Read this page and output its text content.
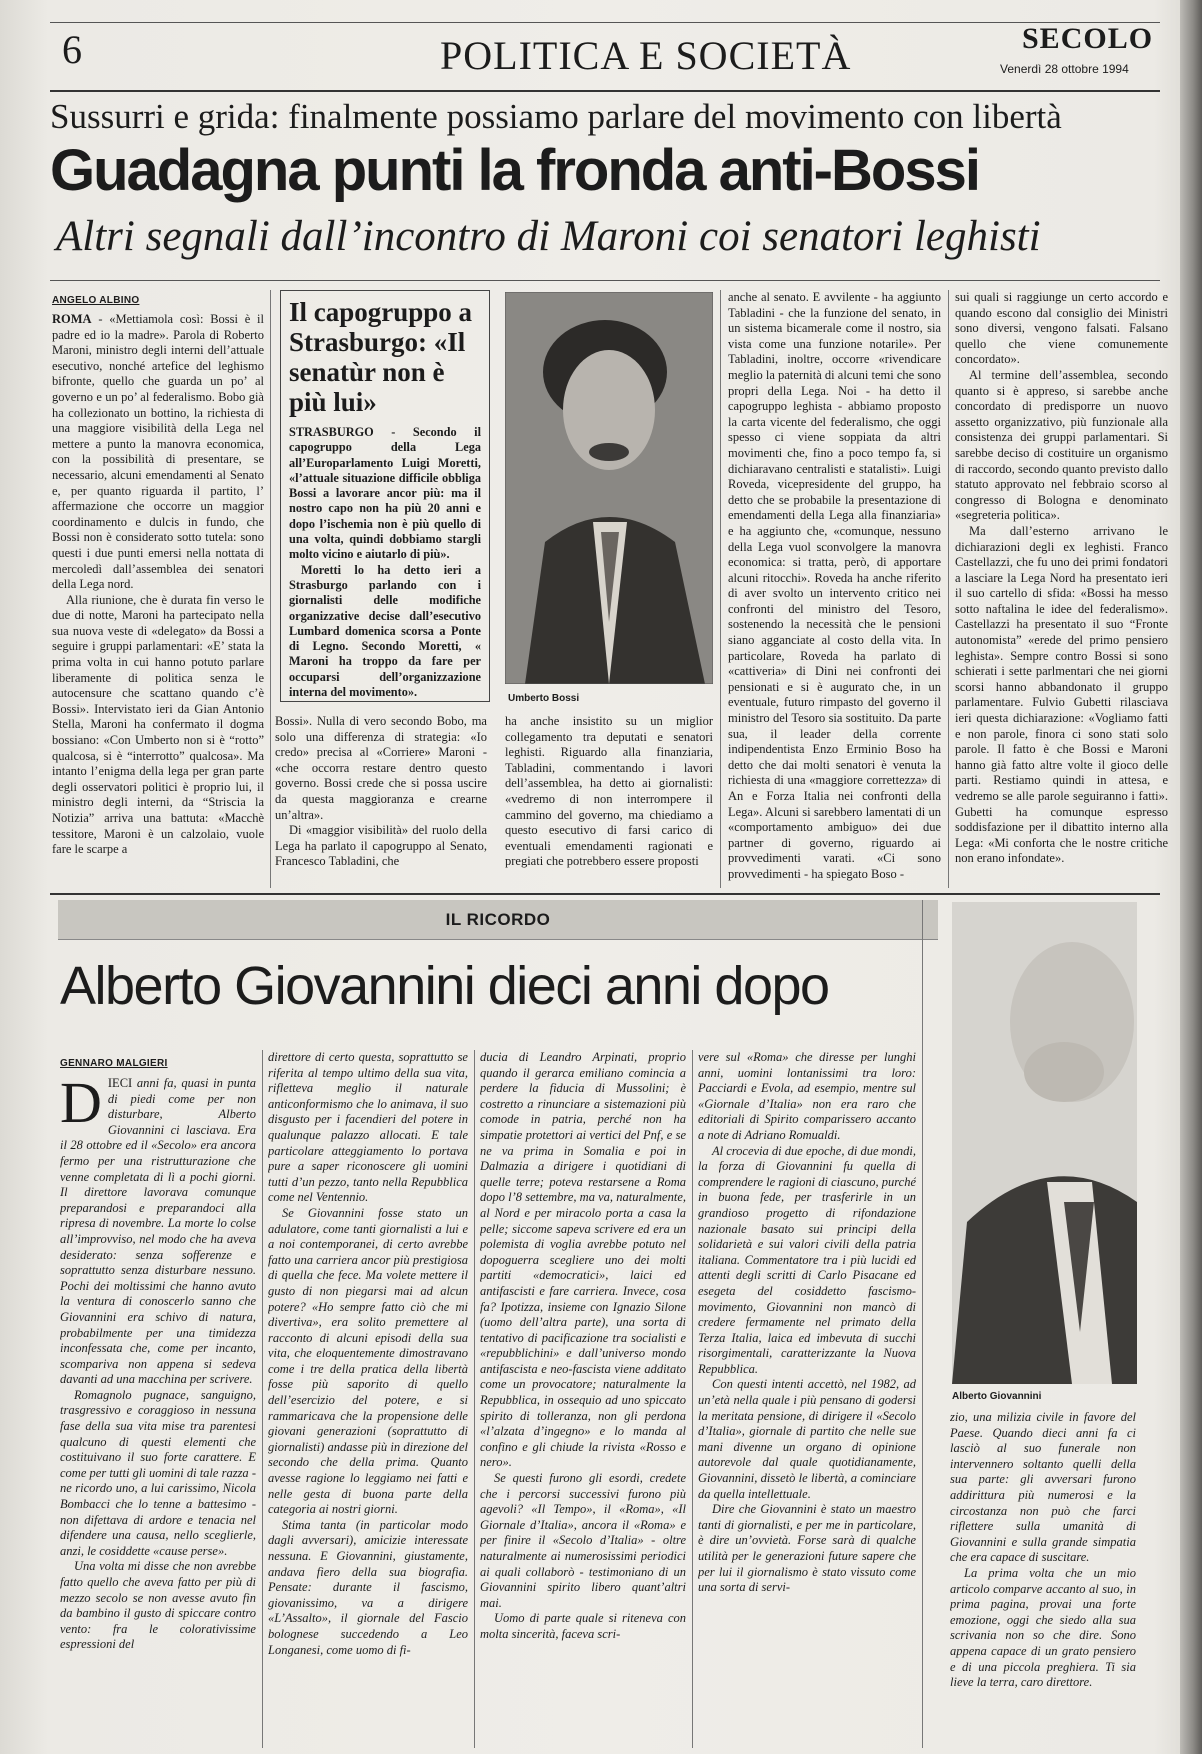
6	POLITICA E SOCIETÀ	SECOLO
Venerdì 28 ottobre 1994
Sussurri e grida: finalmente possiamo parlare del movimento con libertà
Guadagna punti la fronda anti-Bossi
Altri segnali dall’incontro di Maroni coi senatori leghisti
ANGELO ALBINO

ROMA - «Mettiamola così: Bossi è il padre ed io la madre». Parola di Roberto Maroni, ministro degli interni dell’attuale esecutivo, nonché artefice del leghismo bifronte, quello che guarda un po’ al governo e un po’ al federalismo. Bobo già ha collezionato un bottino, la richiesta di una maggiore visibilità della Lega nel mettere a punto la manovra economica, con la possibilità di presentare, se necessario, alcuni emendamenti al Senato e, per quanto riguarda il partito, l’ affermazione che occorre un maggior coordinamento e dulcis in fundo, che Bossi non è considerato sotto tutela: sono questi i due punti emersi nella nottata di mercoledì dall’assemblea dei senatori della Lega nord.

Alla riunione, che è durata fin verso le due di notte, Maroni ha partecipato nella sua nuova veste di «delegato» da Bossi a seguire i gruppi parlamentari: «E’ stata la prima volta in cui hanno potuto parlare liberamente di politica senza le autocensure che scattano quando c’è Bossi». Intervistato ieri da Gian Antonio Stella, Maroni ha confermato il dogma bossiano: «Con Umberto non si è “rotto” qualcosa, si è “interrotto” qualcosa». Ma intanto l’enigma della lega per gran parte degli osservatori politici è proprio lui, il ministro degli interni, da “Striscia la Notizia” arriva una battuta: «Macchè tessitore, Maroni è un calzolaio, vuole fare le scarpe a

Il capogruppo a Strasburgo: «Il senatùr non è più lui»

STRASBURGO - Secondo il capogruppo della Lega all’Europarlamento Luigi Moretti, «l’attuale situazione difficile obbliga Bossi a lavorare ancor più: ma il nostro capo non ha più 20 anni e dopo l’ischemia non è più quello di una volta, quindi dobbiamo stargli molto vicino e aiutarlo di più».

Moretti lo ha detto ieri a Strasburgo parlando con i giornalisti delle modifiche organizzative decise dall’esecutivo Lumbard domenica scorsa a Ponte di Legno. Secondo Moretti, « Maroni ha troppo da fare per occuparsi dell’organizzazione interna del movimento».

Bossi». Nulla di vero secondo Bobo, ma solo una differenza di strategia: «Io credo» precisa al «Corriere» Maroni - «che occorra restare dentro questo governo. Bossi crede che si possa uscire da questa maggioranza e crearne un’altra».

Di «maggior visibilità» del ruolo della Lega ha parlato il capogruppo al Senato, Francesco Tabladini, che

Umberto Bossi

ha anche insistito su un miglior collegamento tra deputati e senatori leghisti. Riguardo alla finanziaria, Tabladini, commentando i lavori dell’assemblea, ha detto ai giornalisti: «vedremo di non interrompere il cammino del governo, ma chiediamo a questo esecutivo di farsi carico di eventuali emendamenti ragionati e pregiati che potrebbero essere proposti

anche al senato. E avvilente - ha aggiunto Tabladini - che la funzione del senato, in un sistema bicamerale come il nostro, sia vista come una funzione notarile». Per Tabladini, inoltre, occorre «rivendicare meglio la paternità di alcuni temi che sono propri della Lega. Noi - ha detto il capogruppo leghista - abbiamo proposto la carta vicente del federalismo, che oggi spesso ci viene soppiata da altri movimenti che, fino a poco tempo fa, si dichiaravano centralisti e statalisti». Luigi Roveda, vicepresidente del gruppo, ha detto che se probabile la presentazione di emendamenti della Lega alla finanziaria» e ha aggiunto che, «comunque, nessuno della Lega vuol sconvolgere la manovra economica: si tratta, però, di apportare alcuni ritocchi». Roveda ha anche riferito di aver svolto un intervento critico nei confronti del ministro del Tesoro, sostenendo la necessità che le pensioni siano agganciate al costo della vita. In particolare, Roveda ha parlato di «cattiveria» di Dini nei confronti dei pensionati e si è augurato che, in un eventuale, futuro rimpasto del governo il ministro del Tesoro sia sostituito. Da parte sua, il leader della corrente indipendentista Enzo Erminio Boso ha detto che dai molti senatori è venuta la richiesta di una «maggiore correttezza» di An e Forza Italia nei confronti della Lega». Alcuni si sarebbero lamentati di un «comportamento ambiguo» dei due partner di governo, riguardo ai provvedimenti varati. «Ci sono provvedimenti - ha spiegato Boso -

sui quali si raggiunge un certo accordo e quando escono dal consiglio dei Ministri sono diversi, vengono falsati. Falsano quello che viene comunemente concordato».

Al termine dell’assemblea, secondo quanto si è appreso, si sarebbe anche concordato di predisporre un nuovo assetto organizzativo, più funzionale alla consistenza dei gruppi parlamentari. Si sarebbe deciso di costituire un organismo di raccordo, secondo quanto previsto dallo statuto approvato nel febbraio scorso al congresso di Bologna e denominato «segreteria politica».

Ma dall’esterno arrivano le dichiarazioni degli ex leghisti. Franco Castellazzi, che fu uno dei primi fondatori a lasciare la Lega Nord ha presentato ieri il suo cartello di sfida: «Bossi ha messo sotto naftalina le idee del federalismo». Castellazzi ha presentato il suo “Fronte autonomista” «erede del primo pensiero leghista». Sempre contro Bossi si sono schierati i sette parlmentari che nei giorni scorsi hanno abbandonato il gruppo parlamentare. Fulvio Gubetti rilasciava ieri questa dichiarazione: «Vogliamo fatti e non parole, finora ci sono stati solo parole. Il fatto è che Bossi e Maroni hanno già fatto altre volte il gioco delle parti. Restiamo quindi in attesa, e vedremo se alle parole seguiranno i fatti». Gubetti ha comunque espresso soddisfazione per il dibattito interno alla Lega: «Mi conforta che le nostre critiche non erano infondate».

IL RICORDO
Alberto Giovannini dieci anni dopo
GENNARO MALGIERI

DIECI anni fa, quasi in punta di piedi come per non disturbare, Alberto Giovannini ci lasciava. Era il 28 ottobre ed il «Secolo» era ancora fermo per una ristrutturazione che venne completata di lì a pochi giorni. Il direttore lavorava comunque preparandosi e preparandoci alla ripresa di novembre. La morte lo colse all’improvviso, nel modo che ha aveva desiderato: senza sofferenze e soprattutto senza disturbare nessuno. Pochi dei moltissimi che hanno avuto la ventura di conoscerlo sanno che Giovannini era schivo di natura, probabilmente per una timidezza inconfessata che, come per incanto, scompariva non appena si sedeva davanti ad una macchina per scrivere.

Romagnolo pugnace, sanguigno, trasgressivo e coraggioso in nessuna fase della sua vita mise tra parentesi qualcuno di questi elementi che costituivano il suo forte carattere. E come per tutti gli uomini di tale razza - ne ricordo uno, a lui carissimo, Nicola Bombacci che lo tenne a battesimo - non difettava di ardore e tenacia nel difendere una causa, nello sceglierle, anzi, le cosiddette «cause perse».

Una volta mi disse che non avrebbe fatto quello che aveva fatto per più di mezzo secolo se non avesse avuto fin da bambino il gusto di spiccare contro vento: fra le colorativissime espressioni del

direttore di certo questa, soprattutto se riferita al tempo ultimo della sua vita, rifletteva meglio il naturale anticonformismo che lo animava, il suo disgusto per i facendieri del potere in qualunque palazzo allocati. E tale particolare atteggiamento lo portava pure a saper riconoscere gli uomini tutti d’un pezzo, tanto nella Repubblica come nel Ventennio.

Se Giovannini fosse stato un adulatore, come tanti giornalisti a lui e a noi contemporanei, di certo avrebbe fatto una carriera ancor più prestigiosa di quella che fece. Ma volete mettere il gusto di non piegarsi mai ad alcun potere? «Ho sempre fatto ciò che mi divertiva», era solito premettere al racconto di alcuni episodi della sua vita, che eloquentemente dimostravano come i tre della pratica della libertà fosse più saporito di quello dell’esercizio del potere, e si rammaricava che la propensione delle giovani generazioni (soprattutto di giornalisti) andasse più in direzione del secondo che della prima. Quanto avesse ragione lo leggiamo nei fatti e nelle gesta di buona parte della categoria ai nostri giorni.

Stima tanta (in particolar modo dagli avversari), amicizie interessate nessuna. E Giovannini, giustamente, andava fiero della sua biografia. Pensate: durante il fascismo, giovanissimo, va a dirigere «L’Assalto», il giornale del Fascio bolognese succedendo a Leo Longanesi, come uomo di fi-

ducia di Leandro Arpinati, proprio quando il gerarca emiliano comincia a perdere la fiducia di Mussolini; è costretto a rinunciare a sistemazioni più comode in patria, perché non ha simpatie protettori ai vertici del Pnf, e se ne va prima in Somalia e poi in Dalmazia a dirigere i quotidiani di quelle terre; poteva restarsene a Roma dopo l’8 settembre, ma va, naturalmente, al Nord e per miracolo porta a casa la pelle; siccome sapeva scrivere ed era un polemista di voglia avrebbe potuto nel dopoguerra scegliere uno dei molti partiti «democratici», laici ed antifascisti e fare carriera. Invece, cosa fa? Ipotizza, insieme con Ignazio Silone (uomo dell’altra parte), una sorta di tentativo di pacificazione tra socialisti e «repubblichini» e dall’universo mondo antifascista e neo-fascista viene additato come un provocatore; naturalmente la Repubblica, in ossequio ad uno spiccato spirito di tolleranza, non gli perdona «l’alzata d’ingegno» e lo manda al confino e gli chiude la rivista «Rosso e nero».

Se questi furono gli esordi, credete che i percorsi successivi furono più agevoli? «Il Tempo», il «Roma», «Il Giornale d’Italia», ancora il «Roma» e per finire il «Secolo d’Italia» - oltre naturalmente ai numerosissimi periodici ai quali collaborò - testimoniano di un Giovannini spirito libero quant’altri mai.

Uomo di parte quale si riteneva con molta sincerità, faceva scri-

vere sul «Roma» che diresse per lunghi anni, uomini lontanissimi tra loro: Pacciardi e Evola, ad esempio, mentre sul «Giornale d’Italia» non era raro che editoriali di Spirito comparissero accanto a note di Adriano Romualdi.

Al crocevia di due epoche, di due mondi, la forza di Giovannini fu quella di comprendere le ragioni di ciascuno, purché in buona fede, per trasferirle in un grandioso progetto di rifondazione nazionale basato sui principi della solidarietà e sui valori civili della patria italiana. Commentatore tra i più lucidi ed attenti degli scritti di Carlo Pisacane ed esegeta del cosiddetto fascismo-movimento, Giovannini non mancò di credere fermamente nel primato della Terza Italia, laica ed imbevuta di succhi risorgimentali, caratterizzante la Nuova Repubblica.

Con questi intenti accettò, nel 1982, ad un’età nella quale i più pensano di godersi la meritata pensione, di dirigere il «Secolo d’Italia», giornale di partito che nelle sue mani divenne un organo di opinione autorevole dal quale quotidianamente, Giovannini, dissetò le libertà, a cominciare da quella intellettuale.

Dire che Giovannini è stato un maestro tanti di giornalisti, e per me in particolare, è dire un’ovvietà. Forse sarà di qualche utilità per le generazioni future sapere che per lui il giornalismo è stato vissuto come una sorta di servi-

Alberto Giovannini

zio, una milizia civile in favore del Paese. Quando dieci anni fa ci lasciò al suo funerale non intervennero soltanto quelli della sua parte: gli avversari furono addirittura più numerosi e la circostanza non può che farci riflettere sulla umanità di Giovannini e sulla grande simpatia che era capace di suscitare.

La prima volta che un mio articolo comparve accanto al suo, in prima pagina, provai una forte emozione, oggi che siedo alla sua scrivania non so che dire. Sono appena capace di un grato pensiero e di una piccola preghiera. Ti sia lieve la terra, caro direttore.
